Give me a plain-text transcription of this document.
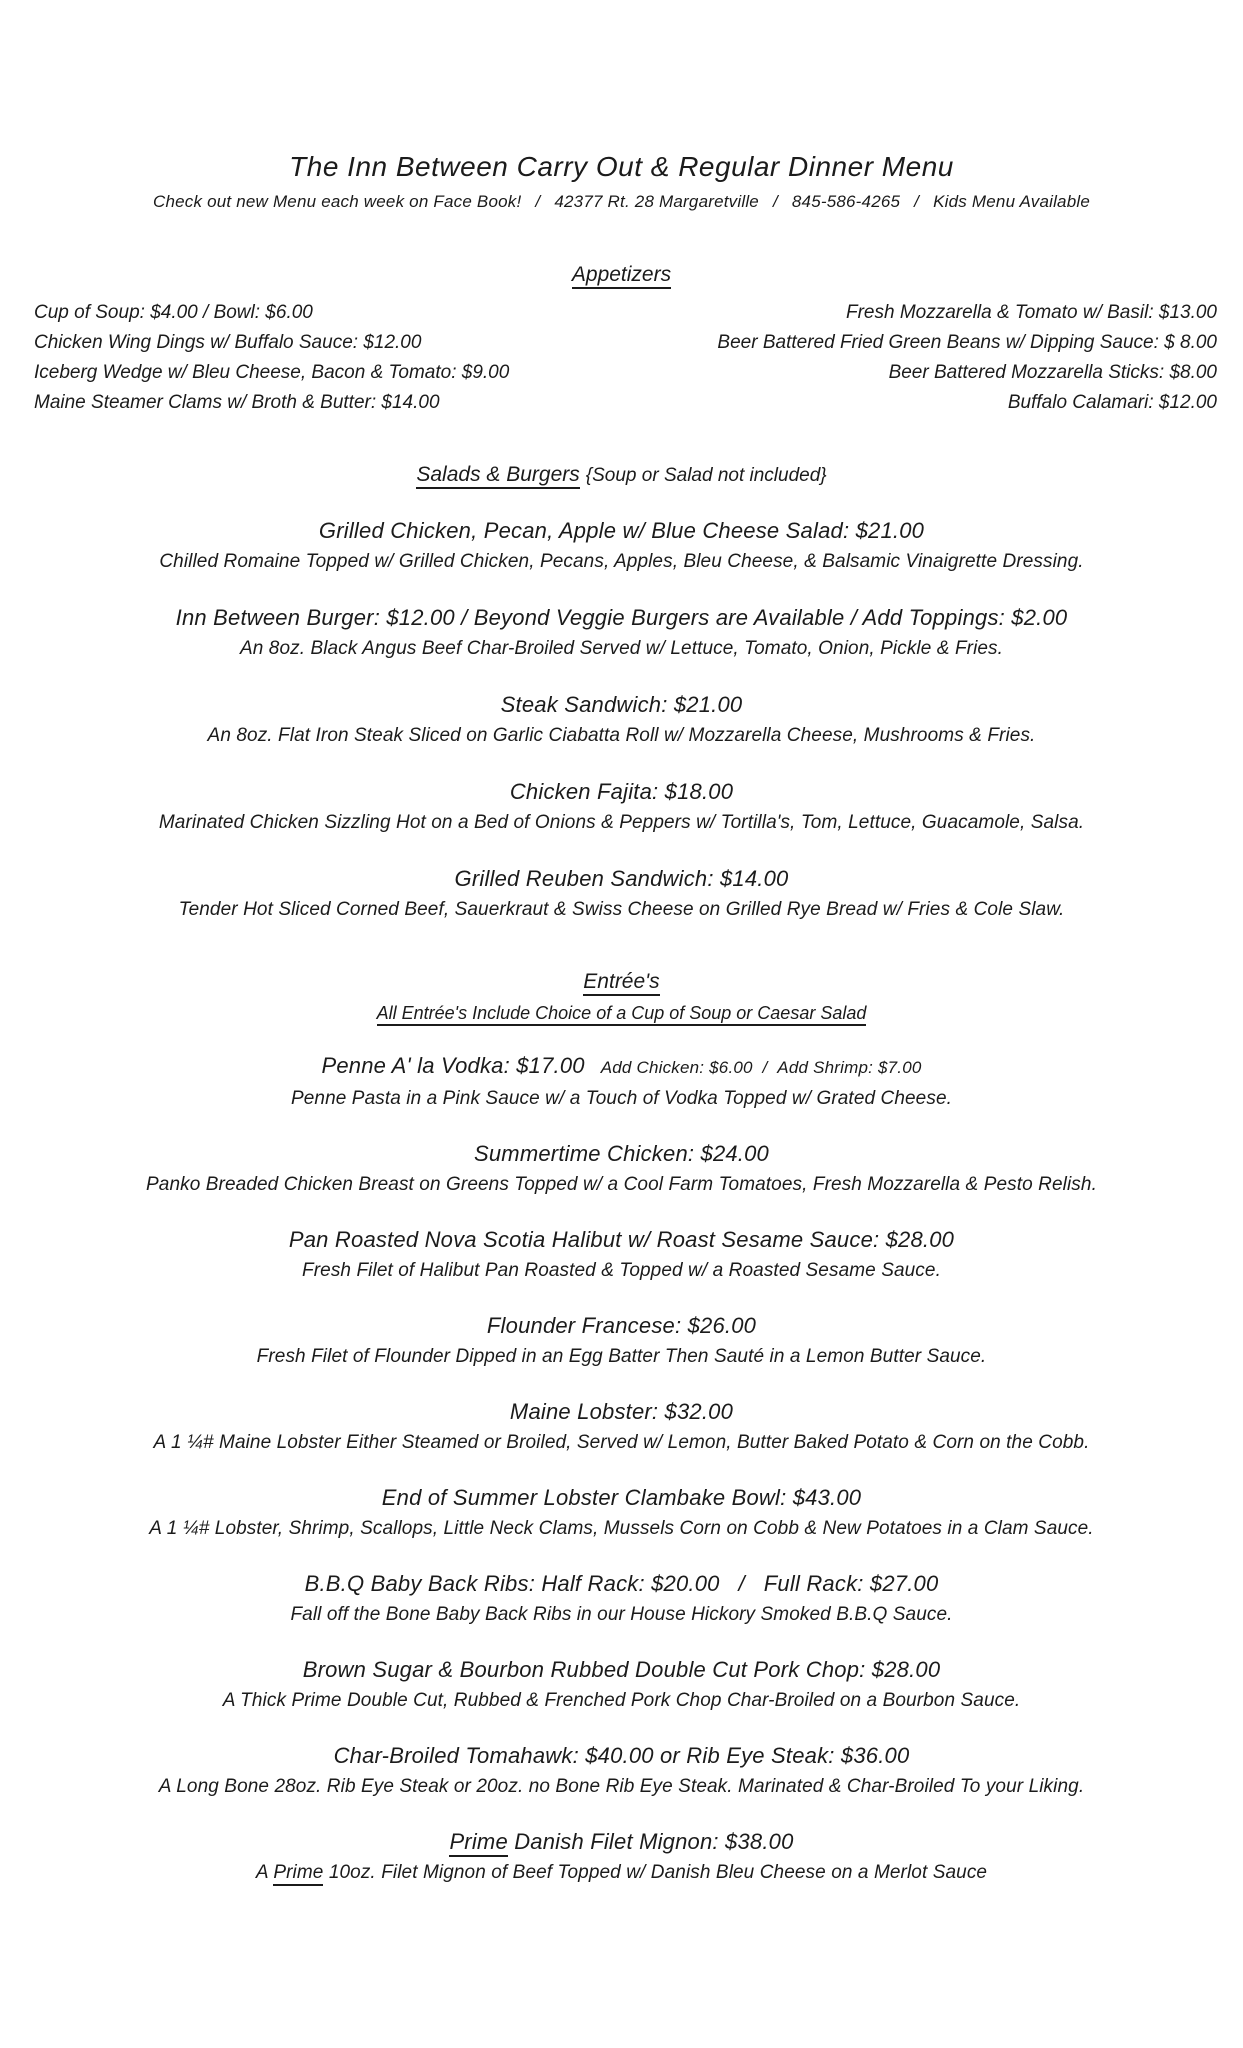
The Inn Between Carry Out & Regular Dinner Menu

Check out new Menu each week on Face Book! / 42377 Rt. 28 Margaretville / 845-586-4265 / Kids Menu Available

Appetizers
Cup of Soup: $4.00 / Bowl: $6.00
Chicken Wing Dings w/ Buffalo Sauce: $12.00
Iceberg Wedge w/ Bleu Cheese, Bacon & Tomato: $9.00
Maine Steamer Clams w/ Broth & Butter: $14.00
Fresh Mozzarella & Tomato w/ Basil: $13.00
Beer Battered Fried Green Beans w/ Dipping Sauce: $ 8.00
Beer Battered Mozzarella Sticks: $8.00
Buffalo Calamari: $12.00
Salads & Burgers {Soup or Salad not included}
Grilled Chicken, Pecan, Apple w/ Blue Cheese Salad: $21.00
Chilled Romaine Topped w/ Grilled Chicken, Pecans, Apples, Bleu Cheese, & Balsamic Vinaigrette Dressing.
Inn Between Burger: $12.00 / Beyond Veggie Burgers are Available / Add Toppings: $2.00
An 8oz. Black Angus Beef Char-Broiled Served w/ Lettuce, Tomato, Onion, Pickle & Fries.
Steak Sandwich: $21.00
An 8oz. Flat Iron Steak Sliced on Garlic Ciabatta Roll w/ Mozzarella Cheese, Mushrooms & Fries.
Chicken Fajita: $18.00
Marinated Chicken Sizzling Hot on a Bed of Onions & Peppers w/ Tortilla's, Tom, Lettuce, Guacamole, Salsa.
Grilled Reuben Sandwich: $14.00
Tender Hot Sliced Corned Beef, Sauerkraut & Swiss Cheese on Grilled Rye Bread w/ Fries & Cole Slaw.
Entrée's
All Entrée's Include Choice of a Cup of Soup or Caesar Salad
Penne A' la Vodka: $17.00 Add Chicken: $6.00  /  Add Shrimp: $7.00
Penne Pasta in a Pink Sauce w/ a Touch of Vodka Topped w/ Grated Cheese.
Summertime Chicken: $24.00
Panko Breaded Chicken Breast on Greens Topped w/ a Cool Farm Tomatoes, Fresh Mozzarella & Pesto Relish.
Pan Roasted Nova Scotia Halibut w/ Roast Sesame Sauce: $28.00
Fresh Filet of Halibut Pan Roasted & Topped w/ a Roasted Sesame Sauce.
Flounder Francese: $26.00
Fresh Filet of Flounder Dipped in an Egg Batter Then Sauté in a Lemon Butter Sauce.
Maine Lobster: $32.00
A 1 ¼# Maine Lobster Either Steamed or Broiled, Served w/ Lemon, Butter Baked Potato & Corn on the Cobb.
End of Summer Lobster Clambake Bowl: $43.00
A 1 ¼# Lobster, Shrimp, Scallops, Little Neck Clams, Mussels Corn on Cobb & New Potatoes in a Clam Sauce.
B.B.Q Baby Back Ribs: Half Rack: $20.00   /   Full Rack: $27.00
Fall off the Bone Baby Back Ribs in our House Hickory Smoked B.B.Q Sauce.
Brown Sugar & Bourbon Rubbed Double Cut Pork Chop: $28.00
A Thick Prime Double Cut, Rubbed & Frenched Pork Chop Char-Broiled on a Bourbon Sauce.
Char-Broiled Tomahawk: $40.00 or Rib Eye Steak: $36.00
A Long Bone 28oz. Rib Eye Steak or 20oz. no Bone Rib Eye Steak. Marinated & Char-Broiled To your Liking.
Prime Danish Filet Mignon: $38.00
A Prime 10oz. Filet Mignon of Beef Topped w/ Danish Bleu Cheese on a Merlot Sauce
